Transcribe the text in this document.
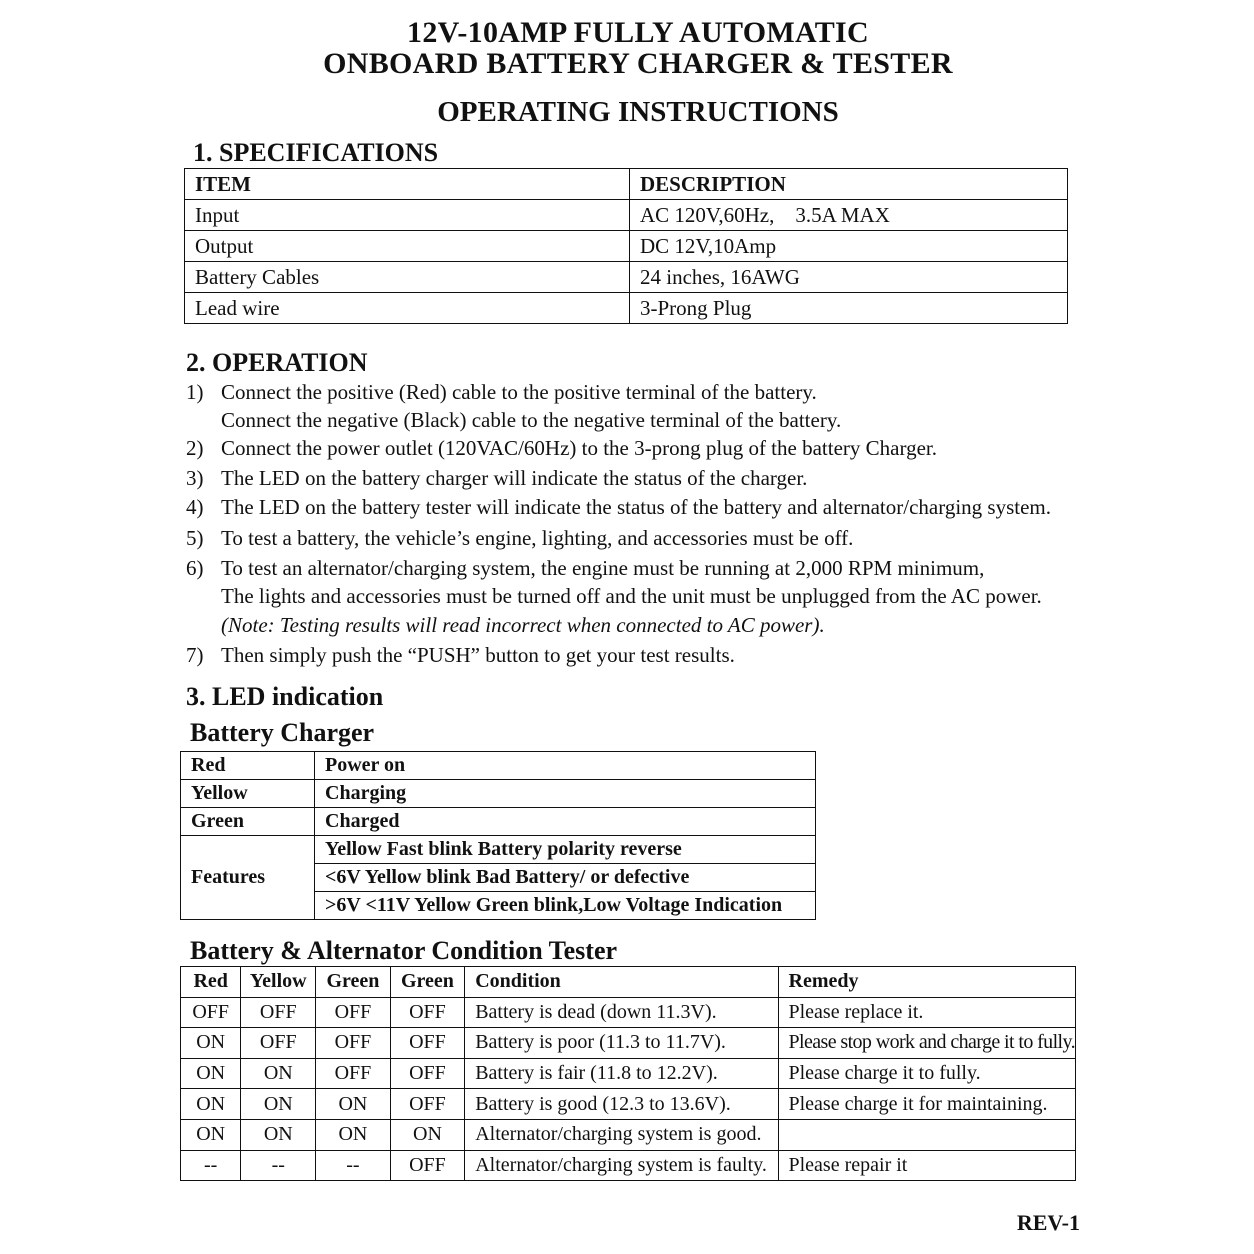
12V-10AMP FULLY AUTOMATIC
ONBOARD BATTERY CHARGER & TESTER
OPERATING INSTRUCTIONS
1. SPECIFICATIONS
ITEM	DESCRIPTION
Input	AC 120V,60Hz,    3.5A MAX
Output	DC 12V,10Amp
Battery Cables	24 inches, 16AWG
Lead wire	3-Prong Plug
2. OPERATION
1) Connect the positive (Red) cable to the positive terminal of the battery.
Connect the negative (Black) cable to the negative terminal of the battery.
2) Connect the power outlet (120VAC/60Hz) to the 3-prong plug of the battery Charger.
3) The LED on the battery charger will indicate the status of the charger.
4) The LED on the battery tester will indicate the status of the battery and alternator/charging system.
5) To test a battery, the vehicle’s engine, lighting, and accessories must be off.
6) To test an alternator/charging system, the engine must be running at 2,000 RPM minimum,
The lights and accessories must be turned off and the unit must be unplugged from the AC power.
(Note: Testing results will read incorrect when connected to AC power).
7) Then simply push the “PUSH” button to get your test results.
3. LED indication
Battery Charger
Red	Power on
Yellow	Charging
Green	Charged
Features	Yellow Fast blink Battery polarity reverse
	<6V Yellow blink Bad Battery/ or defective
	>6V <11V Yellow Green blink,Low Voltage Indication
Battery & Alternator Condition Tester
Red	Yellow	Green	Green	Condition	Remedy
OFF	OFF	OFF	OFF	Battery is dead (down 11.3V).	Please replace it.
ON	OFF	OFF	OFF	Battery is poor (11.3 to 11.7V).	Please stop work and charge it to fully.
ON	ON	OFF	OFF	Battery is fair (11.8 to 12.2V).	Please charge it to fully.
ON	ON	ON	OFF	Battery is good (12.3 to 13.6V).	Please charge it for maintaining.
ON	ON	ON	ON	Alternator/charging system is good.	
--	--	--	OFF	Alternator/charging system is faulty.	Please repair it
REV-1
